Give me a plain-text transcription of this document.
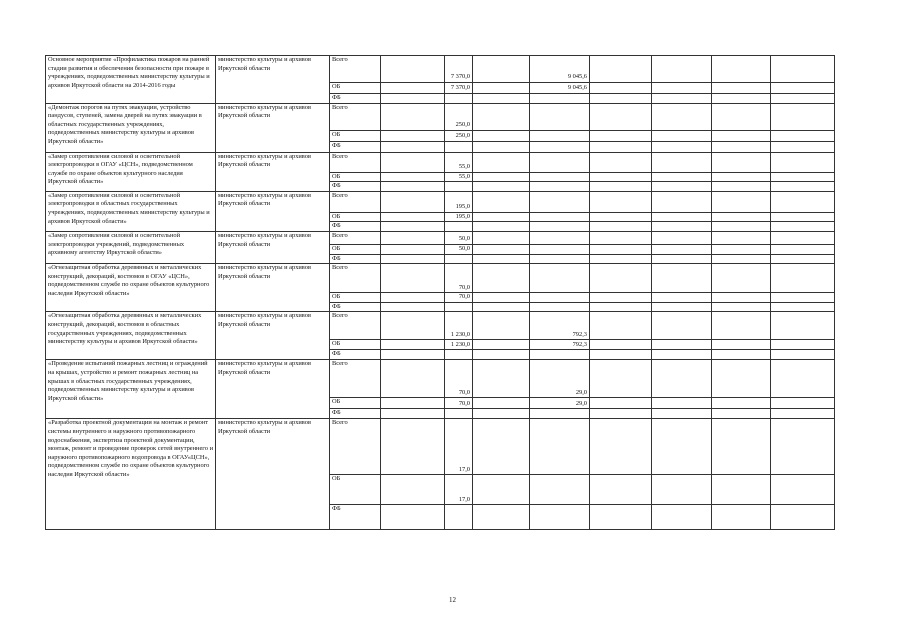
Основное мероприятие «Профилактика пожаров на ранней стадии развития и обеспечения безопасности при пожаре в учреждениях, подведомственных министерству культуры и архивов Иркутской области на 2014-2016 годы	министерство культуры и архивов Иркутской области	Всего		7 370,0		9 045,6				
		ОБ		7 370,0		9 045,6				
		ФБ								
«Демонтаж порогов на путях эвакуации, устройство пандусов, ступеней, замена дверей на путях эвакуации в областных государственных учреждениях, подведомственных министерству культуры и архивов Иркутской области»	министерство культуры и архивов Иркутской области	Всего		250,0						
		ОБ		250,0						
		ФБ								
«Замер сопротивления силовой и осветительной электропроводки в ОГАУ «ЦСН», подведомственном службе по охране объектов культурного наследия Иркутской области»	министерство культуры и архивов Иркутской области	Всего		55,0						
		ОБ		55,0						
		ФБ								
«Замер сопротивления силовой и осветительной электропроводки в областных государственных учреждениях, подведомственных министерству культуры и архивов Иркутской области»	министерство культуры и архивов Иркутской области	Всего		195,0						
		ОБ		195,0						
		ФБ								
«Замер сопротивления силовой и осветительной электропроводки учреждений, подведомственных архивному агентству Иркутской области»	министерство культуры и архивов Иркутской области	Всего		50,0						
		ОБ		50,0						
		ФБ								
«Огнезащитная обработка деревянных и металлических конструкций, декораций, костюмов в ОГАУ «ЦСН», подведомственном службе по охране объектов культурного наследия Иркутской области»	министерство культуры и архивов Иркутской области	Всего		70,0						
		ОБ		70,0						
		ФБ								
«Огнезащитная обработка деревянных и металлических конструкций, декораций, костюмов в областных государственных учреждениях, подведомственных министерству культуры и архивов Иркутской области»	министерство культуры и архивов Иркутской области	Всего		1 230,0		792,3				
		ОБ		1 230,0		792,3				
		ФБ								
«Проведение испытаний пожарных лестниц и ограждений на крышах, устройство и ремонт пожарных лестниц на крышах в областных государственных учреждениях, подведомственных министерству культуры и архивов Иркутской области»	министерство культуры и архивов Иркутской области	Всего		70,0		29,0				
		ОБ		70,0		29,0				
		ФБ								
«Разработка проектной документации на монтаж и ремонт системы внутреннего и наружного противопожарного водоснабжения, экспертиза проектной документации, монтаж, ремонт и проведение проверок сетей внутреннего и наружного противопожарного водопровода в ОГАУ«ЦСН», подведомственном службе по охране объектов культурного наследия Иркутской области»	министерство культуры и архивов Иркутской области	Всего		17,0						
		ОБ		17,0						
		ФБ								
12
